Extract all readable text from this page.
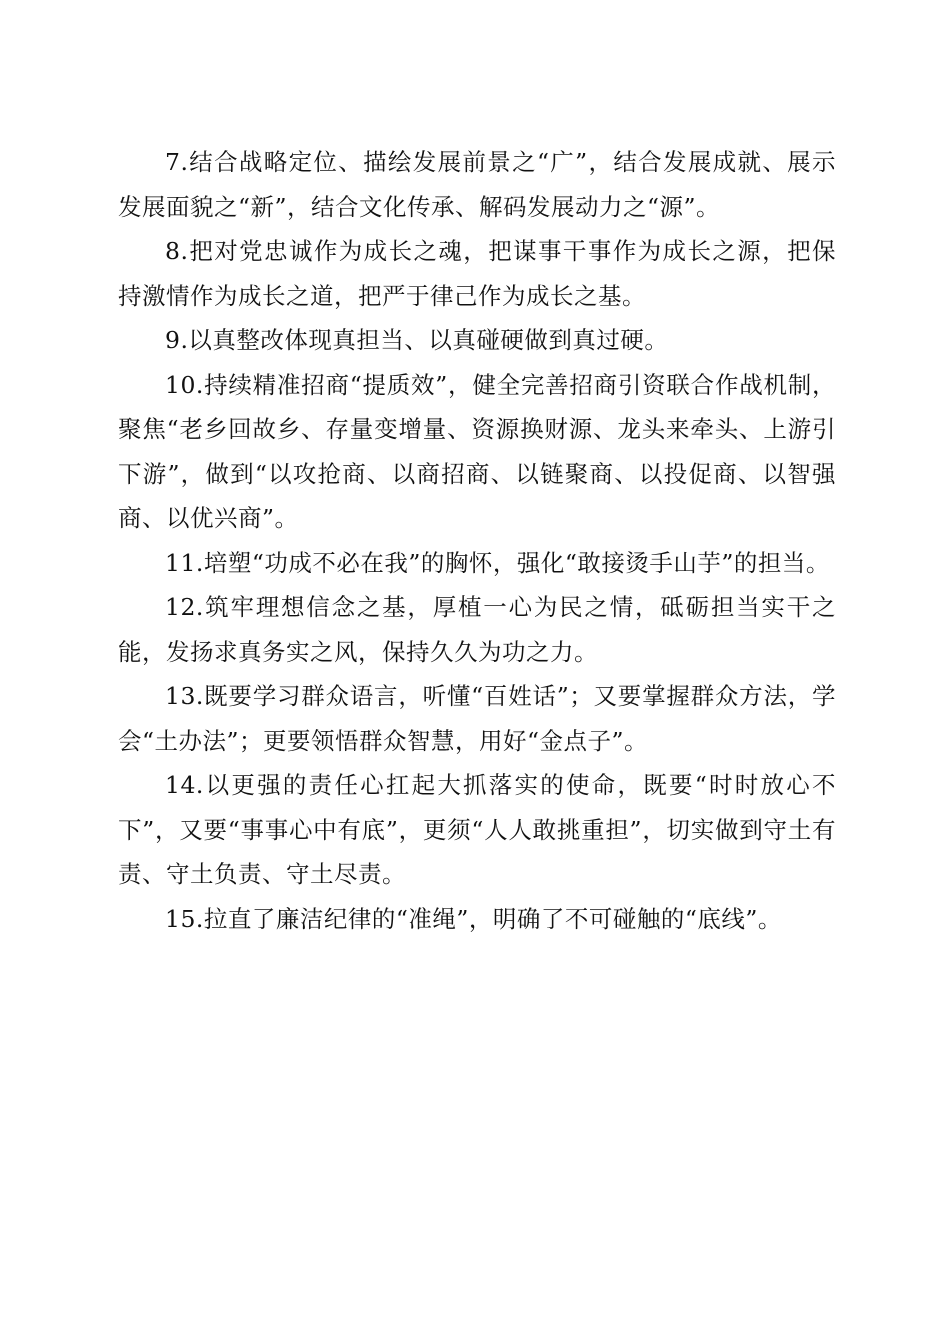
7.结合战略定位、描绘发展前景之“广”，结合发展成就、展示发展面貌之“新”，结合文化传承、解码发展动力之“源”。

8.把对党忠诚作为成长之魂，把谋事干事作为成长之源，把保持激情作为成长之道，把严于律己作为成长之基。

9.以真整改体现真担当、以真碰硬做到真过硬。

10.持续精准招商“提质效”，健全完善招商引资联合作战机制，聚焦“老乡回故乡、存量变增量、资源换财源、龙头来牵头、上游引下游”，做到“以攻抢商、以商招商、以链聚商、以投促商、以智强商、以优兴商”。

11.培塑“功成不必在我”的胸怀，强化“敢接烫手山芋”的担当。

12.筑牢理想信念之基，厚植一心为民之情，砥砺担当实干之能，发扬求真务实之风，保持久久为功之力。

13.既要学习群众语言，听懂“百姓话”；又要掌握群众方法，学会“土办法”；更要领悟群众智慧，用好“金点子”。

14.以更强的责任心扛起大抓落实的使命，既要“时时放心不下”，又要“事事心中有底”，更须“人人敢挑重担”，切实做到守土有责、守土负责、守土尽责。

15.拉直了廉洁纪律的“准绳”，明确了不可碰触的“底线”。
